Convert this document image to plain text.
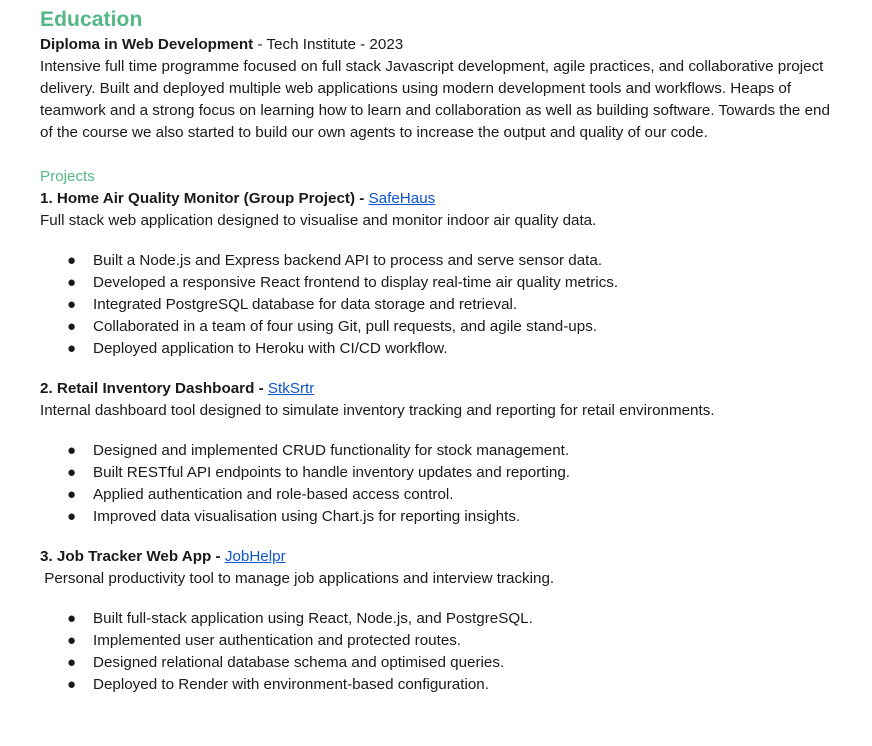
Education

Diploma in Web Development - Tech Institute - 2023

Intensive full time programme focused on full stack Javascript development, agile practices, and collaborative project delivery. Built and deployed multiple web applications using modern development tools and workflows. Heaps of teamwork and a strong focus on learning how to learn and collaboration as well as building software. Towards the end of the course we also started to build our own agents to increase the output and quality of our code.

Projects

1. Home Air Quality Monitor (Group Project) - SafeHaus

Full stack web application designed to visualise and monitor indoor air quality data.

● Built a Node.js and Express backend API to process and serve sensor data.
● Developed a responsive React frontend to display real-time air quality metrics.
● Integrated PostgreSQL database for data storage and retrieval.
● Collaborated in a team of four using Git, pull requests, and agile stand-ups.
● Deployed application to Heroku with CI/CD workflow.

2. Retail Inventory Dashboard - StkSrtr

Internal dashboard tool designed to simulate inventory tracking and reporting for retail environments.

● Designed and implemented CRUD functionality for stock management.
● Built RESTful API endpoints to handle inventory updates and reporting.
● Applied authentication and role-based access control.
● Improved data visualisation using Chart.js for reporting insights.

3. Job Tracker Web App - JobHelpr

Personal productivity tool to manage job applications and interview tracking.

● Built full-stack application using React, Node.js, and PostgreSQL.
● Implemented user authentication and protected routes.
● Designed relational database schema and optimised queries.
● Deployed to Render with environment-based configuration.
